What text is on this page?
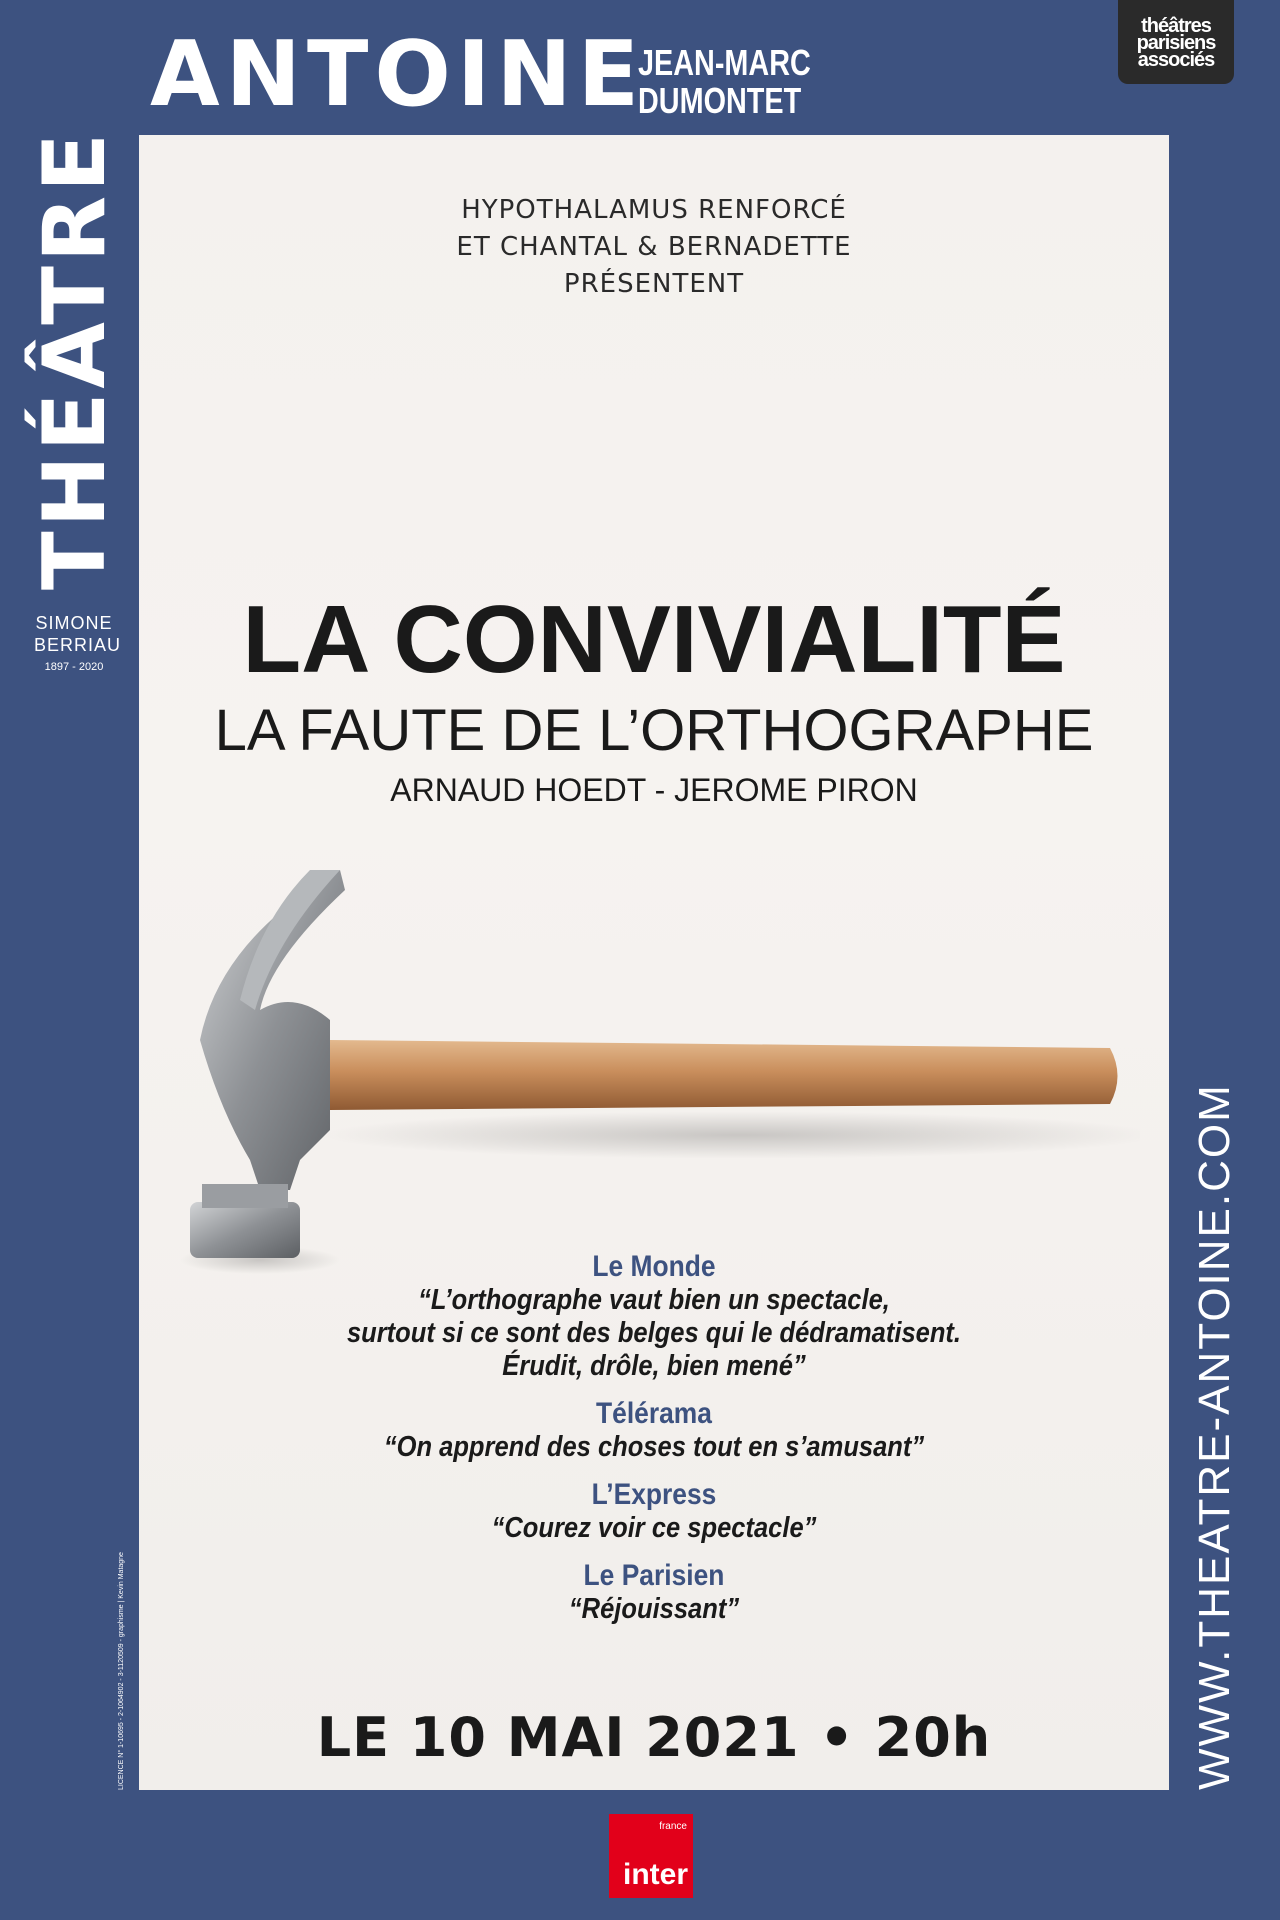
ANTOINE
JEAN-MARC
DUMONTET
théâtres
parisiens
associés
THÉÂTRE
SIMONE
BERRIAU
1897 - 2020
WWW.THEATRE-ANTOINE.COM
LICENCE N° 1-10695 - 2-1064902 - 3-1120509 - graphisme | Kevin Matagne
HYPOTHALAMUS RENFORCÉ
ET CHANTAL & BERNADETTE
PRÉSENTENT
LA CONVIVIALITÉ
LA FAUTE DE L’ORTHOGRAPHE
ARNAUD HOEDT - JEROME PIRON
Le Monde
“L’orthographe vaut bien un spectacle,
surtout si ce sont des belges qui le dédramatisent.
Érudit, drôle, bien mené”
Télérama
“On apprend des choses tout en s’amusant”
L’Express
“Courez voir ce spectacle”
Le Parisien
“Réjouissant”
LE 10 MAI 2021 • 20h
france
inter
